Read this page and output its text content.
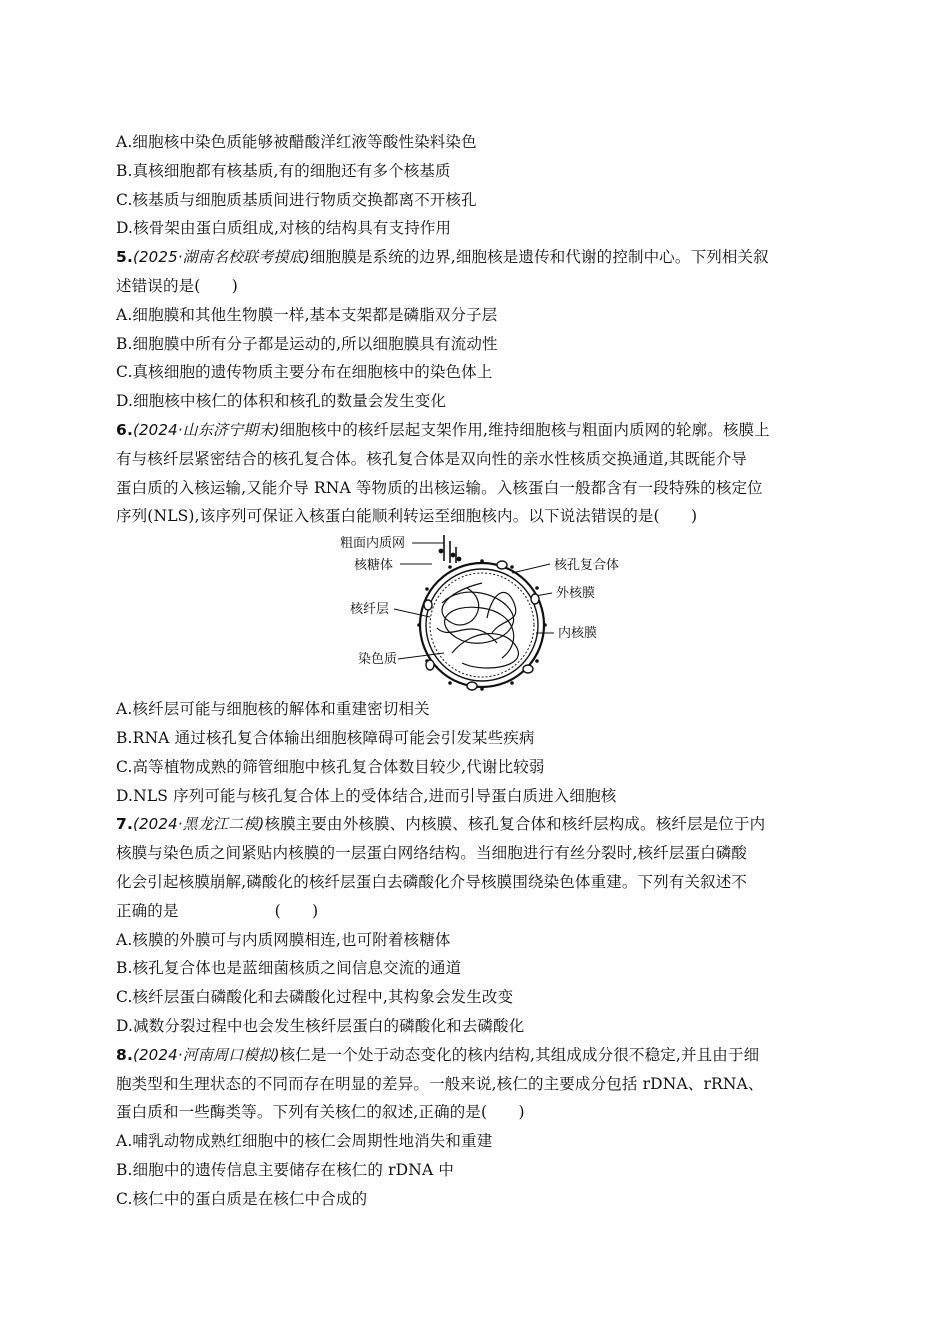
A.细胞核中染色质能够被醋酸洋红液等酸性染料染色
B.真核细胞都有核基质,有的细胞还有多个核基质
C.核基质与细胞质基质间进行物质交换都离不开核孔
D.核骨架由蛋白质组成,对核的结构具有支持作用
5.(2025·湖南名校联考摸底)细胞膜是系统的边界,细胞核是遗传和代谢的控制中心。下列相关叙
述错误的是(　　)
A.细胞膜和其他生物膜一样,基本支架都是磷脂双分子层
B.细胞膜中所有分子都是运动的,所以细胞膜具有流动性
C.真核细胞的遗传物质主要分布在细胞核中的染色体上
D.细胞核中核仁的体积和核孔的数量会发生变化
6.(2024·山东济宁期末)细胞核中的核纤层起支架作用,维持细胞核与粗面内质网的轮廓。核膜上
有与核纤层紧密结合的核孔复合体。核孔复合体是双向性的亲水性核质交换通道,其既能介导
蛋白质的入核运输,又能介导 RNA 等物质的出核运输。入核蛋白一般都含有一段特殊的核定位
序列(NLS),该序列可保证入核蛋白能顺利转运至细胞核内。以下说法错误的是(　　)
粗面内质网
核糖体
核纤层
染色质
核孔复合体
外核膜
内核膜
A.核纤层可能与细胞核的解体和重建密切相关
B.RNA 通过核孔复合体输出细胞核障碍可能会引发某些疾病
C.高等植物成熟的筛管细胞中核孔复合体数目较少,代谢比较弱
D.NLS 序列可能与核孔复合体上的受体结合,进而引导蛋白质进入细胞核
7.(2024·黑龙江二模)核膜主要由外核膜、内核膜、核孔复合体和核纤层构成。核纤层是位于内
核膜与染色质之间紧贴内核膜的一层蛋白网络结构。当细胞进行有丝分裂时,核纤层蛋白磷酸
化会引起核膜崩解,磷酸化的核纤层蛋白去磷酸化介导核膜围绕染色体重建。下列有关叙述不
正确的是	(　　)
A.核膜的外膜可与内质网膜相连,也可附着核糖体
B.核孔复合体也是蓝细菌核质之间信息交流的通道
C.核纤层蛋白磷酸化和去磷酸化过程中,其构象会发生改变
D.减数分裂过程中也会发生核纤层蛋白的磷酸化和去磷酸化
8.(2024·河南周口模拟)核仁是一个处于动态变化的核内结构,其组成成分很不稳定,并且由于细
胞类型和生理状态的不同而存在明显的差异。一般来说,核仁的主要成分包括 rDNA、rRNA、
蛋白质和一些酶类等。下列有关核仁的叙述,正确的是(　　)
A.哺乳动物成熟红细胞中的核仁会周期性地消失和重建
B.细胞中的遗传信息主要储存在核仁的 rDNA 中
C.核仁中的蛋白质是在核仁中合成的
